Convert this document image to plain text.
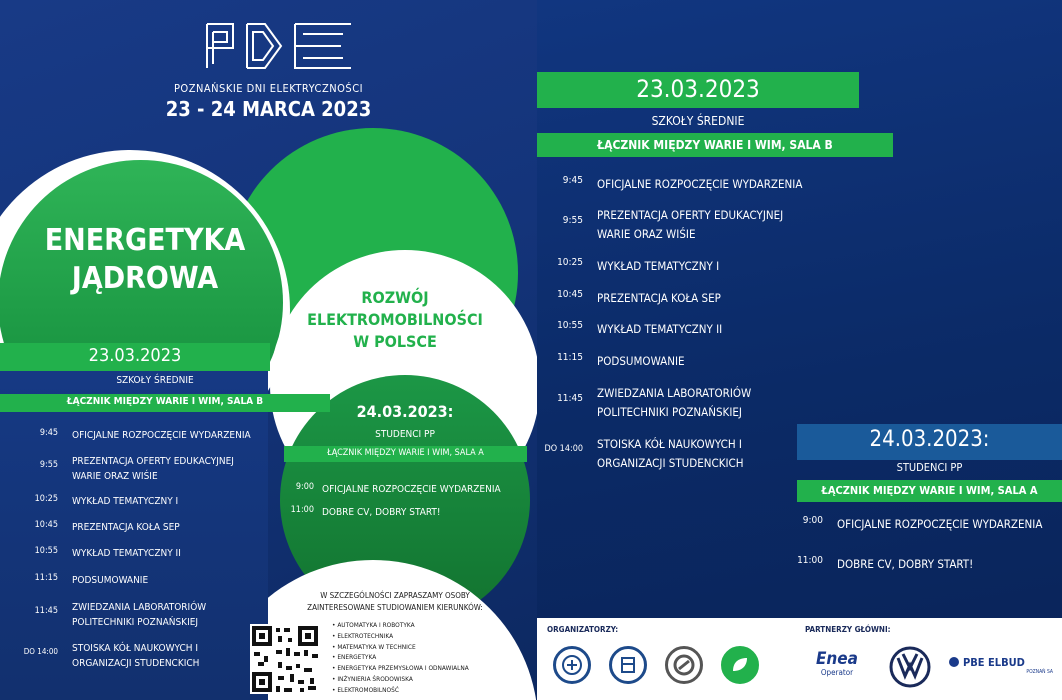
POZNAŃSKIE DNI ELEKTRYCZNOŚCI
23 - 24 MARCA 2023
ENERGETYKA
JĄDROWA
ROZWÓJ
ELEKTROMOBILNOŚCI
W POLSCE
23.03.2023
SZKOŁY ŚREDNIE
ŁĄCZNIK MIĘDZY WARIE I WIM, SALA B
9:45	OFICJALNE ROZPOCZĘCIE WYDARZENIA
9:55	PREZENTACJA OFERTY EDUKACYJNEJ
WARIE ORAZ WIŚIE
10:25	WYKŁAD TEMATYCZNY I
10:45	PREZENTACJA KOŁA SEP
10:55	WYKŁAD TEMATYCZNY II
11:15	PODSUMOWANIE
11:45	ZWIEDZANIA LABORATORIÓW
POLITECHNIKI POZNAŃSKIEJ
DO 14:00	STOISKA KÓŁ NAUKOWYCH I
ORGANIZACJI STUDENCKICH
24.03.2023:
STUDENCI PP
ŁĄCZNIK MIĘDZY WARIE I WIM, SALA A
9:00 OFICJALNE ROZPOCZĘCIE WYDARZENIA
11:00 DOBRE CV, DOBRY START!
W SZCZEGÓLNOŚCI ZAPRASZAMY OSOBY
ZAINTERESOWANE STUDIOWANIEM KIERUNKÓW:
• AUTOMATYKA I ROBOTYKA
• ELEKTROTECHNIKA
• MATEMATYKA W TECHNICE
• ENERGETYKA
• ENERGETYKA PRZEMYSŁOWA I ODNAWIALNA
• INŻYNIERIA ŚRODOWISKA
• ELEKTROMOBILNOŚĆ
23.03.2023
SZKOŁY ŚREDNIE
ŁĄCZNIK MIĘDZY WARIE I WIM, SALA B
9:45	OFICJALNE ROZPOCZĘCIE WYDARZENIA
9:55	PREZENTACJA OFERTY EDUKACYJNEJ
WARIE ORAZ WIŚIE
10:25	WYKŁAD TEMATYCZNY I
10:45	PREZENTACJA KOŁA SEP
10:55	WYKŁAD TEMATYCZNY II
11:15	PODSUMOWANIE
11:45	ZWIEDZANIA LABORATORIÓW
POLITECHNIKI POZNAŃSKIEJ
DO 14:00	STOISKA KÓŁ NAUKOWYCH I
ORGANIZACJI STUDENCKICH
24.03.2023:
STUDENCI PP
ŁĄCZNIK MIĘDZY WARIE I WIM, SALA A
9:00	OFICJALNE ROZPOCZĘCIE WYDARZENIA
11:00	DOBRE CV, DOBRY START!
ORGANIZATORZY:	PARTNERZY GŁÓWNI:
Enea
Operator
PBE ELBUD
POZNAŃ SA
